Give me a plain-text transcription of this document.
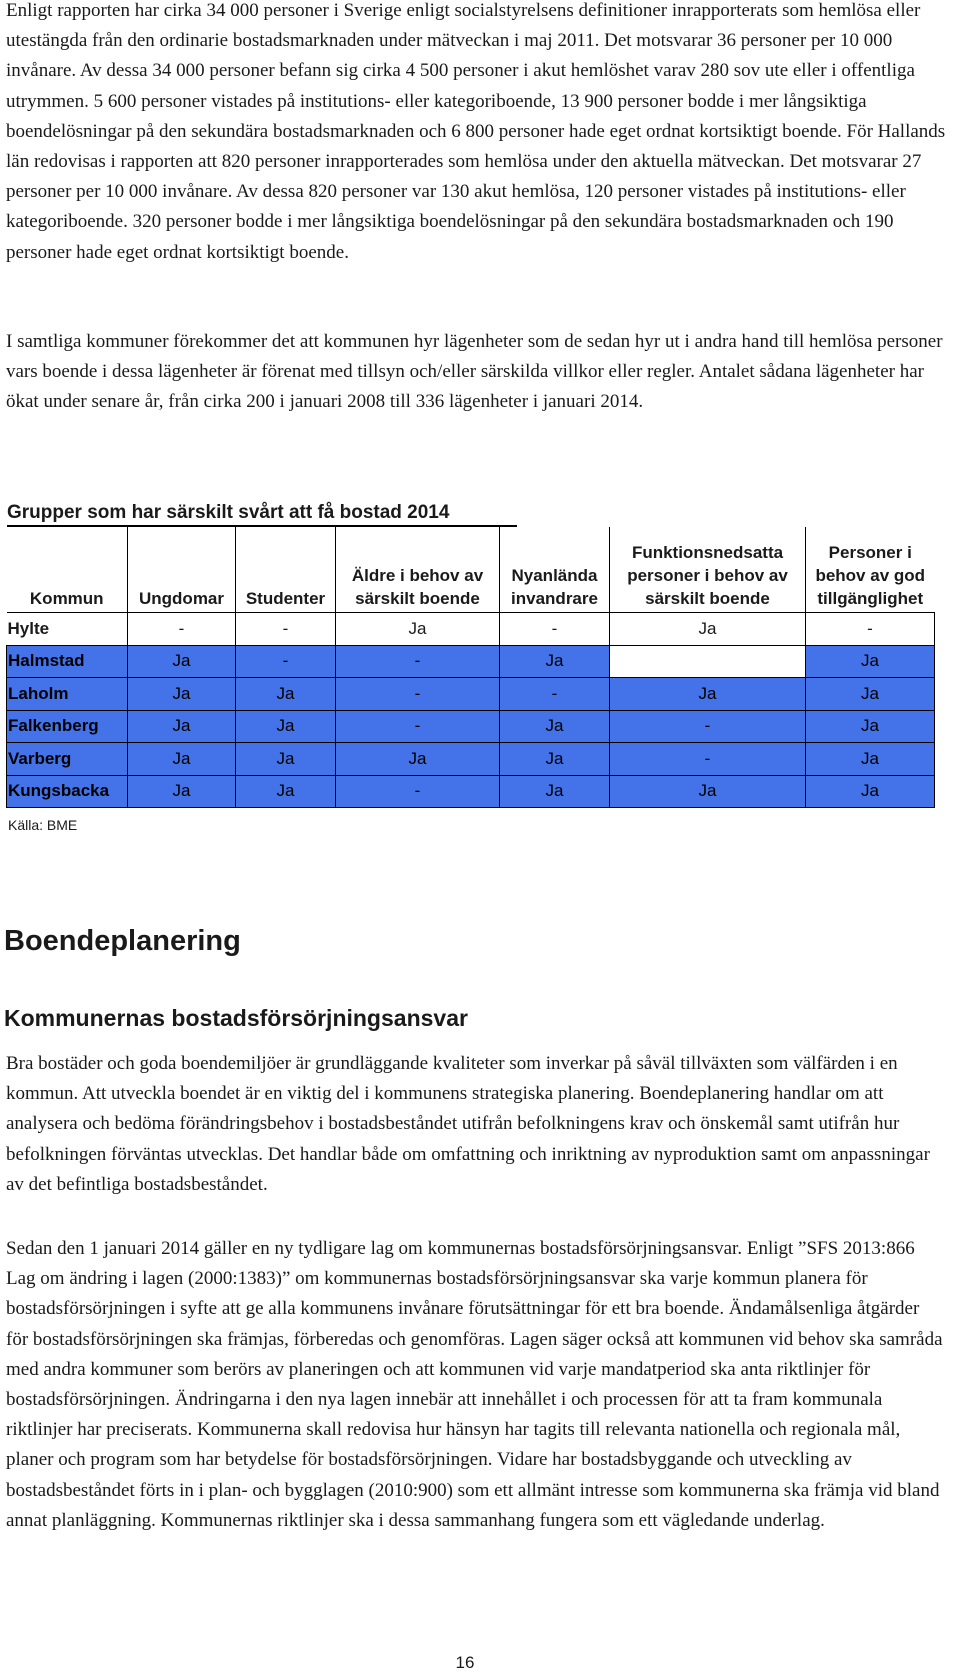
Enligt rapporten har cirka 34 000 personer i Sverige enligt socialstyrelsens definitioner inrapporterats som hemlösa eller utestängda från den ordinarie bostadsmarknaden under mätveckan i maj 2011. Det motsvarar 36 personer per 10 000 invånare. Av dessa 34 000 personer befann sig cirka 4 500 personer i akut hemlöshet varav 280 sov ute eller i offentliga utrymmen. 5 600 personer vistades på institutions- eller kategoriboende, 13 900 personer bodde i mer långsiktiga boendelösningar på den sekundära bostadsmarknaden och 6 800 personer hade eget ordnat kortsiktigt boende. För Hallands län redovisas i rapporten att 820 personer inrapporterades som hemlösa under den aktuella mätveckan. Det motsvarar 27 personer per 10 000 invånare. Av dessa 820 personer var 130 akut hemlösa, 120 personer vistades på institutions- eller kategoriboende. 320 personer bodde i mer långsiktiga boendelösningar på den sekundära bostadsmarknaden och 190 personer hade eget ordnat kortsiktigt boende.

I samtliga kommuner förekommer det att kommunen hyr lägenheter som de sedan hyr ut i andra hand till hemlösa personer vars boende i dessa lägenheter är förenat med tillsyn och/eller särskilda villkor eller regler. Antalet sådana lägenheter har ökat under senare år, från cirka 200 i januari 2008 till 336 lägenheter i januari 2014.

Grupper som har särskilt svårt att få bostad 2014

Kommun	Ungdomar	Studenter	Äldre i behov av särskilt boende	Nyanlända invandrare	Funktionsnedsatta personer i behov av särskilt boende	Personer i behov av god tillgänglighet
Hylte	-	-	Ja	-	Ja	-
Halmstad	Ja	-	-	Ja		Ja
Laholm	Ja	Ja	-	-	Ja	Ja
Falkenberg	Ja	Ja	-	Ja	-	Ja
Varberg	Ja	Ja	Ja	Ja	-	Ja
Kungsbacka	Ja	Ja	-	Ja	Ja	Ja

Källa: BME

Boendeplanering
Kommunernas bostadsförsörjningsansvar

Bra bostäder och goda boendemiljöer är grundläggande kvaliteter som inverkar på såväl tillväxten som välfärden i en kommun. Att utveckla boendet är en viktig del i kommunens strategiska planering. Boendeplanering handlar om att analysera och bedöma förändringsbehov i bostadsbeståndet utifrån befolkningens krav och önskemål samt utifrån hur befolkningen förväntas utvecklas. Det handlar både om omfattning och inriktning av nyproduktion samt om anpassningar av det befintliga bostadsbeståndet.

Sedan den 1 januari 2014 gäller en ny tydligare lag om kommunernas bostadsförsörjningsansvar. Enligt ”SFS 2013:866 Lag om ändring i lagen (2000:1383)” om kommunernas bostadsförsörjningsansvar ska varje kommun planera för bostadsförsörjningen i syfte att ge alla kommunens invånare förutsättningar för ett bra boende. Ändamålsenliga åtgärder för bostadsförsörjningen ska främjas, förberedas och genomföras. Lagen säger också att kommunen vid behov ska samråda med andra kommuner som berörs av planeringen och att kommunen vid varje mandatperiod ska anta riktlinjer för bostadsförsörjningen. Ändringarna i den nya lagen innebär att innehållet i och processen för att ta fram kommunala riktlinjer har preciserats. Kommunerna skall redovisa hur hänsyn har tagits till relevanta nationella och regionala mål, planer och program som har betydelse för bostadsförsörjningen. Vidare har bostadsbyggande och utveckling av bostadsbeståndet förts in i plan- och bygglagen (2010:900) som ett allmänt intresse som kommunerna ska främja vid bland annat planläggning. Kommunernas riktlinjer ska i dessa sammanhang fungera som ett vägledande underlag.

16
